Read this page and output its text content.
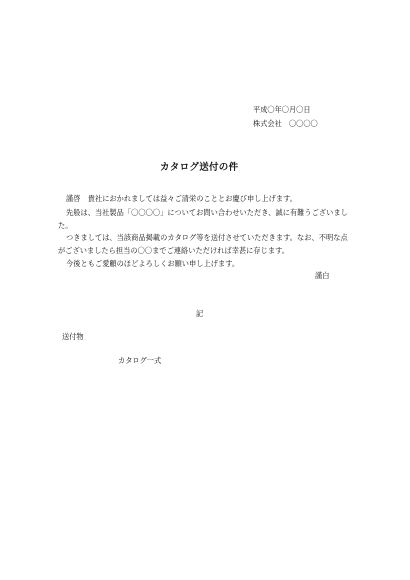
平成〇年〇月〇日
株式会社　〇〇〇〇
カタログ送付の件
謹啓　貴社におかれましては益々ご清栄のこととお慶び申し上げます。
先般は、当社製品「〇〇〇〇」についてお問い合わせいただき、誠に有難うございまし
た。
つきましては、当該商品掲載のカタログ等を送付させていただきます。なお、不明な点
がございましたら担当の〇〇までご連絡いただければ幸甚に存じます。
今後ともご愛顧のほどよろしくお願い申し上げます。
謹白
記
送付物
カタログ一式
